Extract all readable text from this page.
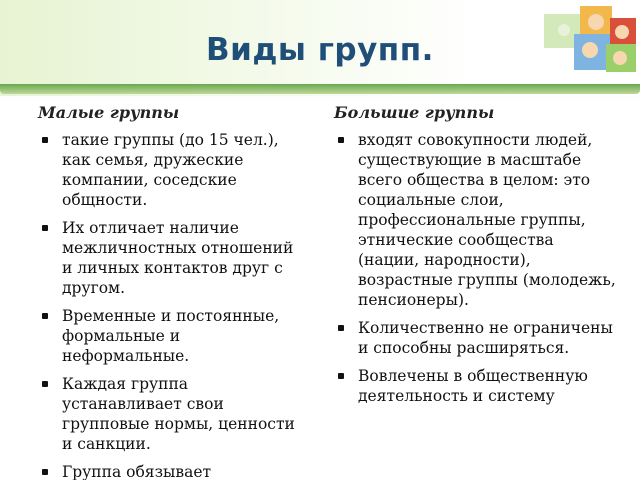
Виды групп.
Малые группы
такие группы (до 15 чел.), как семья, дружеские компании, соседские общности.
Их отличает наличие межличностных отношений и личных контактов друг с другом.
Временные и постоянные, формальные и неформальные.
Каждая группа устанавливает свои групповые нормы, ценности и санкции.
Группа обязывает
Большие группы
входят совокупности людей, существующие в масштабе всего общества в целом: это социальные слои, профессиональные группы, этнические сообщества (нации, народности), возрастные группы (молодежь, пенсионеры).
Количественно не ограничены и способны расширяться.
Вовлечены в общественную деятельность и систему
